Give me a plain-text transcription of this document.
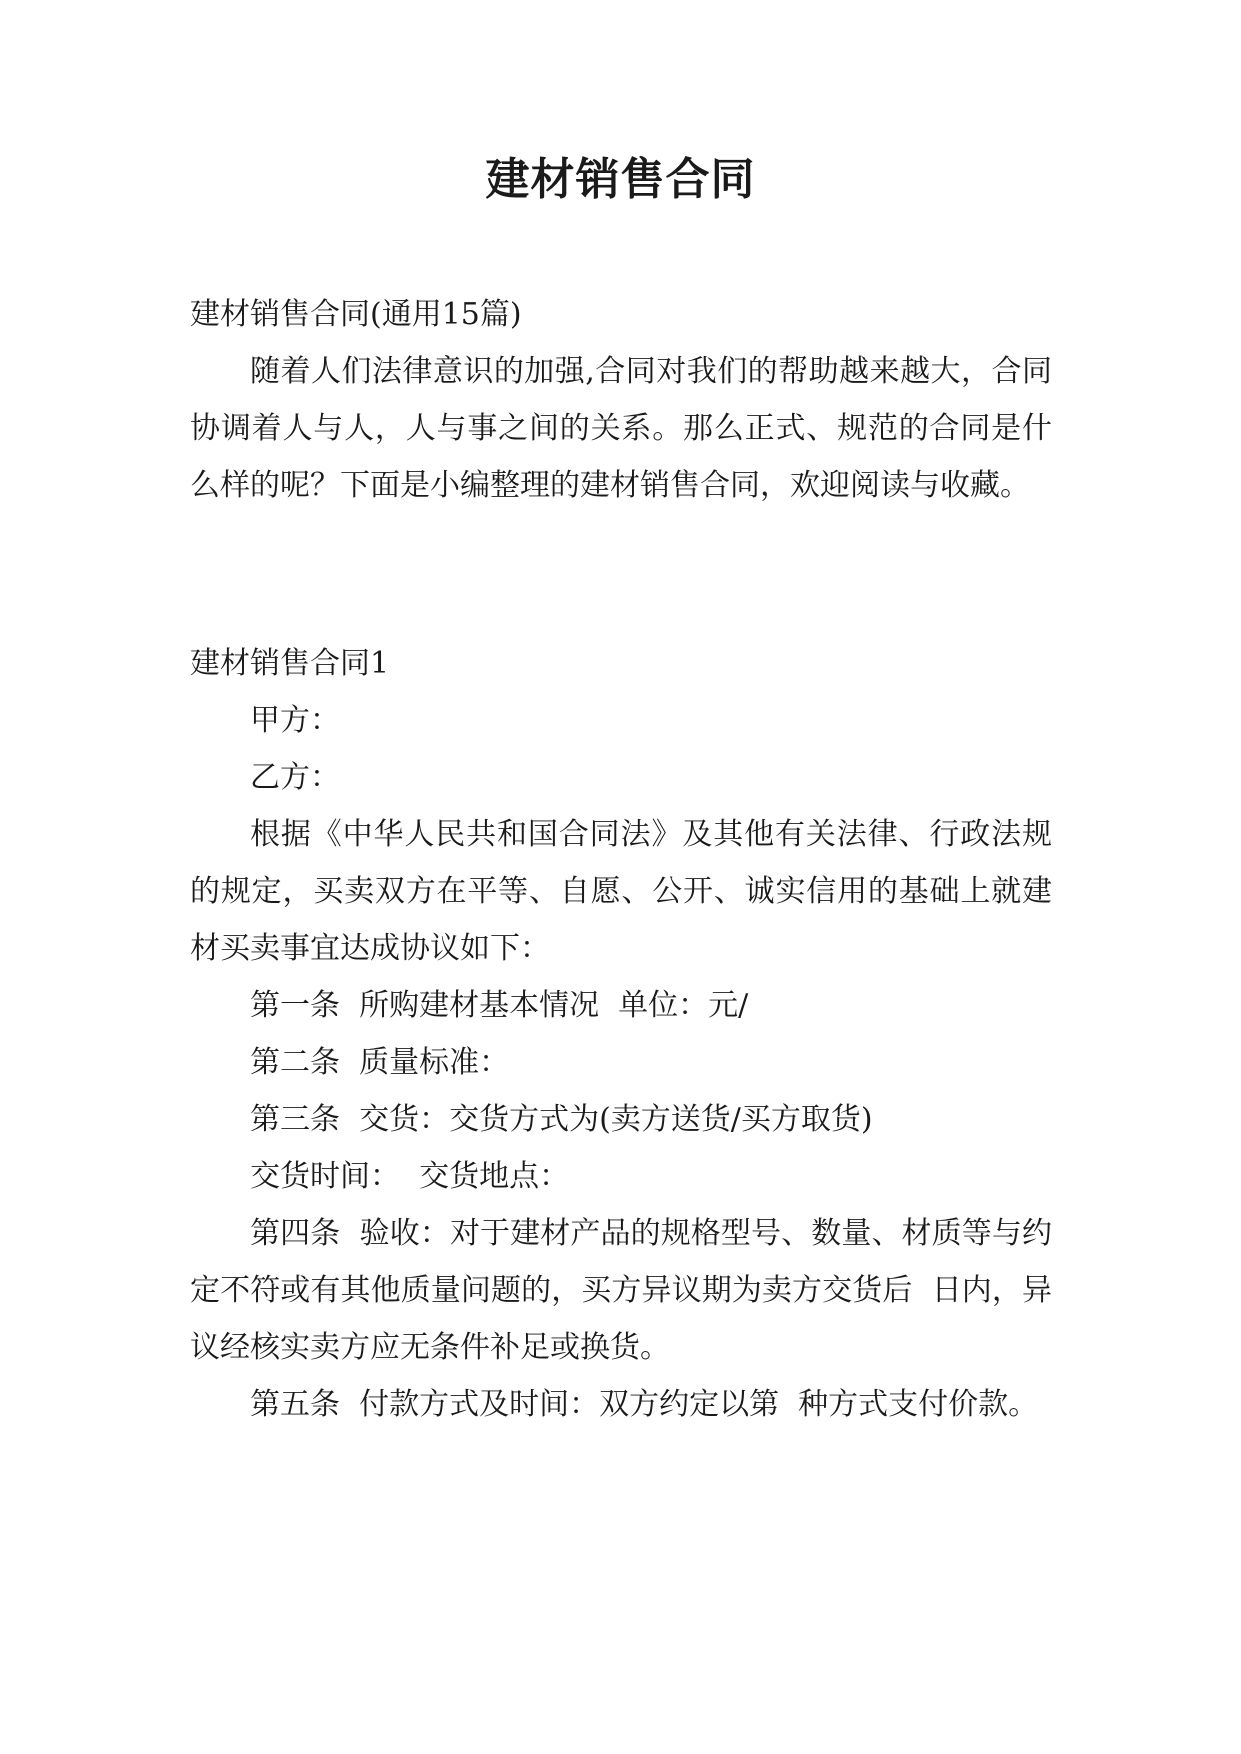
建材销售合同

建材销售合同(通用15篇)

随着人们法律意识的加强,合同对我们的帮助越来越大，合同协调着人与人，人与事之间的关系。那么正式、规范的合同是什么样的呢？下面是小编整理的建材销售合同，欢迎阅读与收藏。

建材销售合同1

甲方：

乙方：

根据《中华人民共和国合同法》及其他有关法律、行政法规的规定，买卖双方在平等、自愿、公开、诚实信用的基础上就建材买卖事宜达成协议如下：

第一条  所购建材基本情况  单位：元/

第二条  质量标准：

第三条  交货：交货方式为(卖方送货/买方取货)

交货时间：  交货地点：

第四条  验收：对于建材产品的规格型号、数量、材质等与约定不符或有其他质量问题的，买方异议期为卖方交货后  日内，异议经核实卖方应无条件补足或换货。

第五条  付款方式及时间：双方约定以第  种方式支付价款。
